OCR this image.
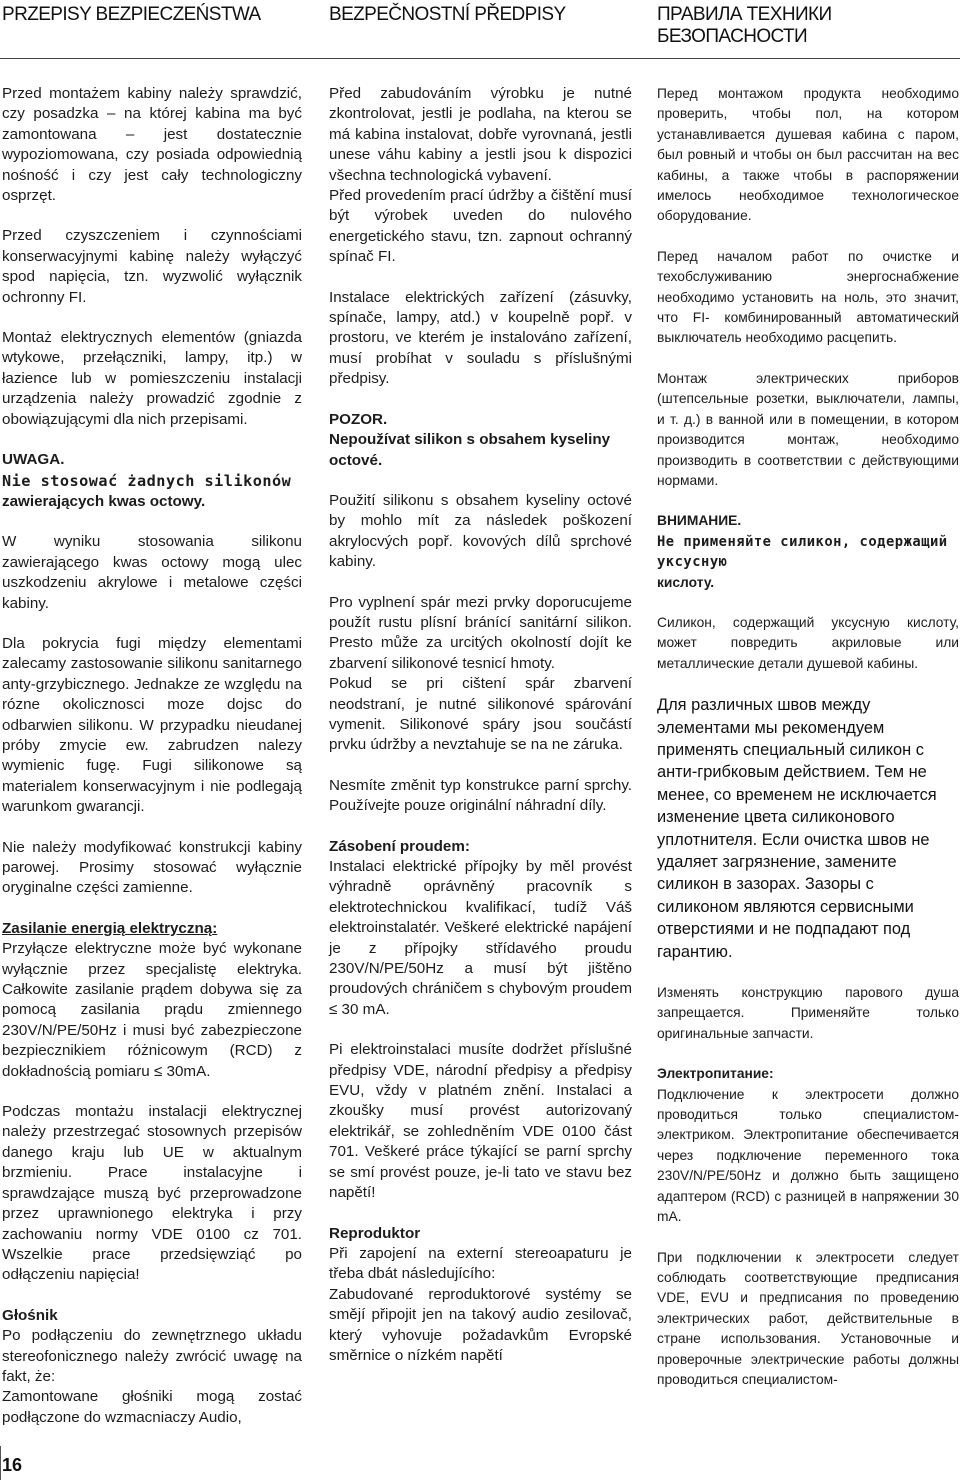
PRZEPISY BEZPIECZEŃSTWA	BEZPEČNOSTNÍ PŘEDPISY	ПРАВИЛА ТЕХНИКИ
БЕЗОПАСНОСТИ

Przed montażem kabiny należy sprawdzić, czy posadzka – na której kabina ma być zamontowana – jest dostatecznie wypoziomowana, czy posiada odpowiednią nośność i czy jest cały technologiczny osprzęt.

Przed czyszczeniem i czynnościami konserwacyjnymi kabinę należy wyłączyć spod napięcia, tzn. wyzwolić wyłącznik ochronny FI.

Montaż elektrycznych elementów (gniazda wtykowe, przełączniki, lampy, itp.) w łazience lub w pomieszczeniu instalacji urządzenia należy prowadzić zgodnie z obowiązującymi dla nich przepisami.

UWAGA.
Nie stosować żadnych silikonów
zawierających kwas octowy.

W wyniku stosowania silikonu zawierającego kwas octowy mogą ulec uszkodzeniu akrylowe i metalowe części kabiny.

Dla pokrycia fugi między elementami zalecamy zastosowanie silikonu sanitarnego anty-grzybicznego. Jednakze ze względu na rózne okolicznosci moze dojsc do odbarwien silikonu. W przypadku nieudanej próby zmycie ew. zabrudzen nalezy wymienic fugę. Fugi silikonowe są materialem konserwacyjnym i nie podlegają warunkom gwarancji.

Nie należy modyfikować konstrukcji kabiny parowej. Prosimy stosować wyłącznie oryginalne części zamienne.

Zasilanie energią elektryczną:

Przyłącze elektryczne może być wykonane wyłącznie przez specjalistę elektryka. Całkowite zasilanie prądem dobywa się za pomocą zasilania prądu zmiennego 230V/N/PE/50Hz i musi być zabezpieczone bezpiecznikiem różnicowym (RCD) z dokładnością pomiaru ≤ 30mA.

Podczas montażu instalacji elektrycznej należy przestrzegać stosownych przepisów danego kraju lub UE w aktualnym brzmieniu. Prace instalacyjne i sprawdzające muszą być przeprowadzone przez uprawnionego elektryka i przy zachowaniu normy VDE 0100 cz 701. Wszelkie prace przedsięwziąć po odłączeniu napięcia!

Głośnik

Po podłączeniu do zewnętrznego układu stereofonicznego należy zwrócić uwagę na fakt, że:

Zamontowane głośniki mogą zostać podłączone do wzmacniaczy Audio,

Před zabudováním výrobku je nutné zkontrolovat, jestli je podlaha, na kterou se má kabina instalovat, dobře vyrovnaná, jestli unese váhu kabiny a jestli jsou k dispozici všechna technologická vybavení.

Před provedením prací údržby a čištění musí být výrobek uveden do nulového energetického stavu, tzn. zapnout ochranný spínač FI.

Instalace elektrických zařízení (zásuvky, spínače, lampy, atd.) v koupelně popř. v prostoru, ve kterém je instalováno zařízení, musí probíhat v souladu s příslušnými předpisy.

POZOR.
Nepoužívat silikon s obsahem kyseliny octové.

Použití silikonu s obsahem kyseliny octové by mohlo mít za následek poškození akrylocvých popř. kovových dílů sprchové kabiny.

Pro vyplnení spár mezi prvky doporucujeme použít rustu plísní bránící sanitární silikon. Presto může za urcitých okolností dojít ke zbarvení silikonové tesnicí hmoty.

Pokud se pri cištení spár zbarvení neodstraní, je nutné silikonové spárování vymenit. Silikonové spáry jsou součástí prvku údržby a nevztahuje se na ne záruka.

Nesmíte změnit typ konstrukce parní sprchy. Používejte pouze originální náhradní díly.

Zásobení proudem:

Instalaci elektrické přípojky by měl provést výhradně oprávněný pracovník s elektrotechnickou kvalifikací, tudíž Váš elektroinstalatér. Veškeré elektrické napájení je z přípojky střídavého proudu 230V/N/PE/50Hz a musí být jištěno proudových chráničem s chybovým proudem ≤ 30 mA.

Pi elektroinstalaci musíte dodržet příslušné předpisy VDE, národní předpisy a předpisy EVU, vždy v platném znění. Instalaci a zkoušky musí provést autorizovaný elektrikář, se zohledněním VDE 0100 část 701. Veškeré práce týkající se parní sprchy se smí provést pouze, je-li tato ve stavu bez napětí!

Reproduktor

Při zapojení na externí stereoapaturu je třeba dbát následujícího:

Zabudované reproduktorové systémy se smějí připojit jen na takový audio zesilovač, který vyhovuje požadavkům Evropské směrnice o nízkém napětí

Перед монтажом продукта необходимо проверить, чтобы пол, на котором устанавливается душевая кабина с паром, был ровный и чтобы он был рассчитан на вес кабины, а также чтобы в распоряжении имелось необходимое технологическое оборудование.

Перед началом работ по очистке и техобслуживанию энергоснабжение необходимо установить на ноль, это значит, что FI- комбинированный автоматический выключатель необходимо расцепить.

Монтаж электрических приборов (штепсельные розетки, выключатели, лампы, и т. д.) в ванной или в помещении, в котором производится монтаж, необходимо производить в соответствии с действующими нормами.

ВНИМАНИЕ.
Не применяйте силикон, содержащий уксусную
кислоту.

Силикон, содержащий уксусную кислоту, может повредить акриловые или металлические детали душевой кабины.

Для различных швов между элементами мы рекомендуем применять специальный силикон с анти-грибковым действием. Тем не менее, со временем не исключается изменение цвета силиконового уплотнителя. Если очистка швов не удаляет загрязнение, замените силикон в зазорах. Зазоры с силиконом являются сервисными отверстиями и не подпадают под гарантию.

Изменять конструкцию парового душа запрещается. Применяйте только оригинальные запчасти.

Электропитание:

Подключение к электросети должно проводиться только специалистом-электриком. Электропитание обеспечивается через подключение переменного тока 230V/N/PE/50Hz и должно быть защищено адаптером (RCD) с разницей в напряжении 30 mA.

При подключении к электросети следует соблюдать соответствующие предписания VDE, EVU и предписания по проведению электрических работ, действительные в стране использования. Установочные и проверочные электрические работы должны проводиться специалистом-

16
